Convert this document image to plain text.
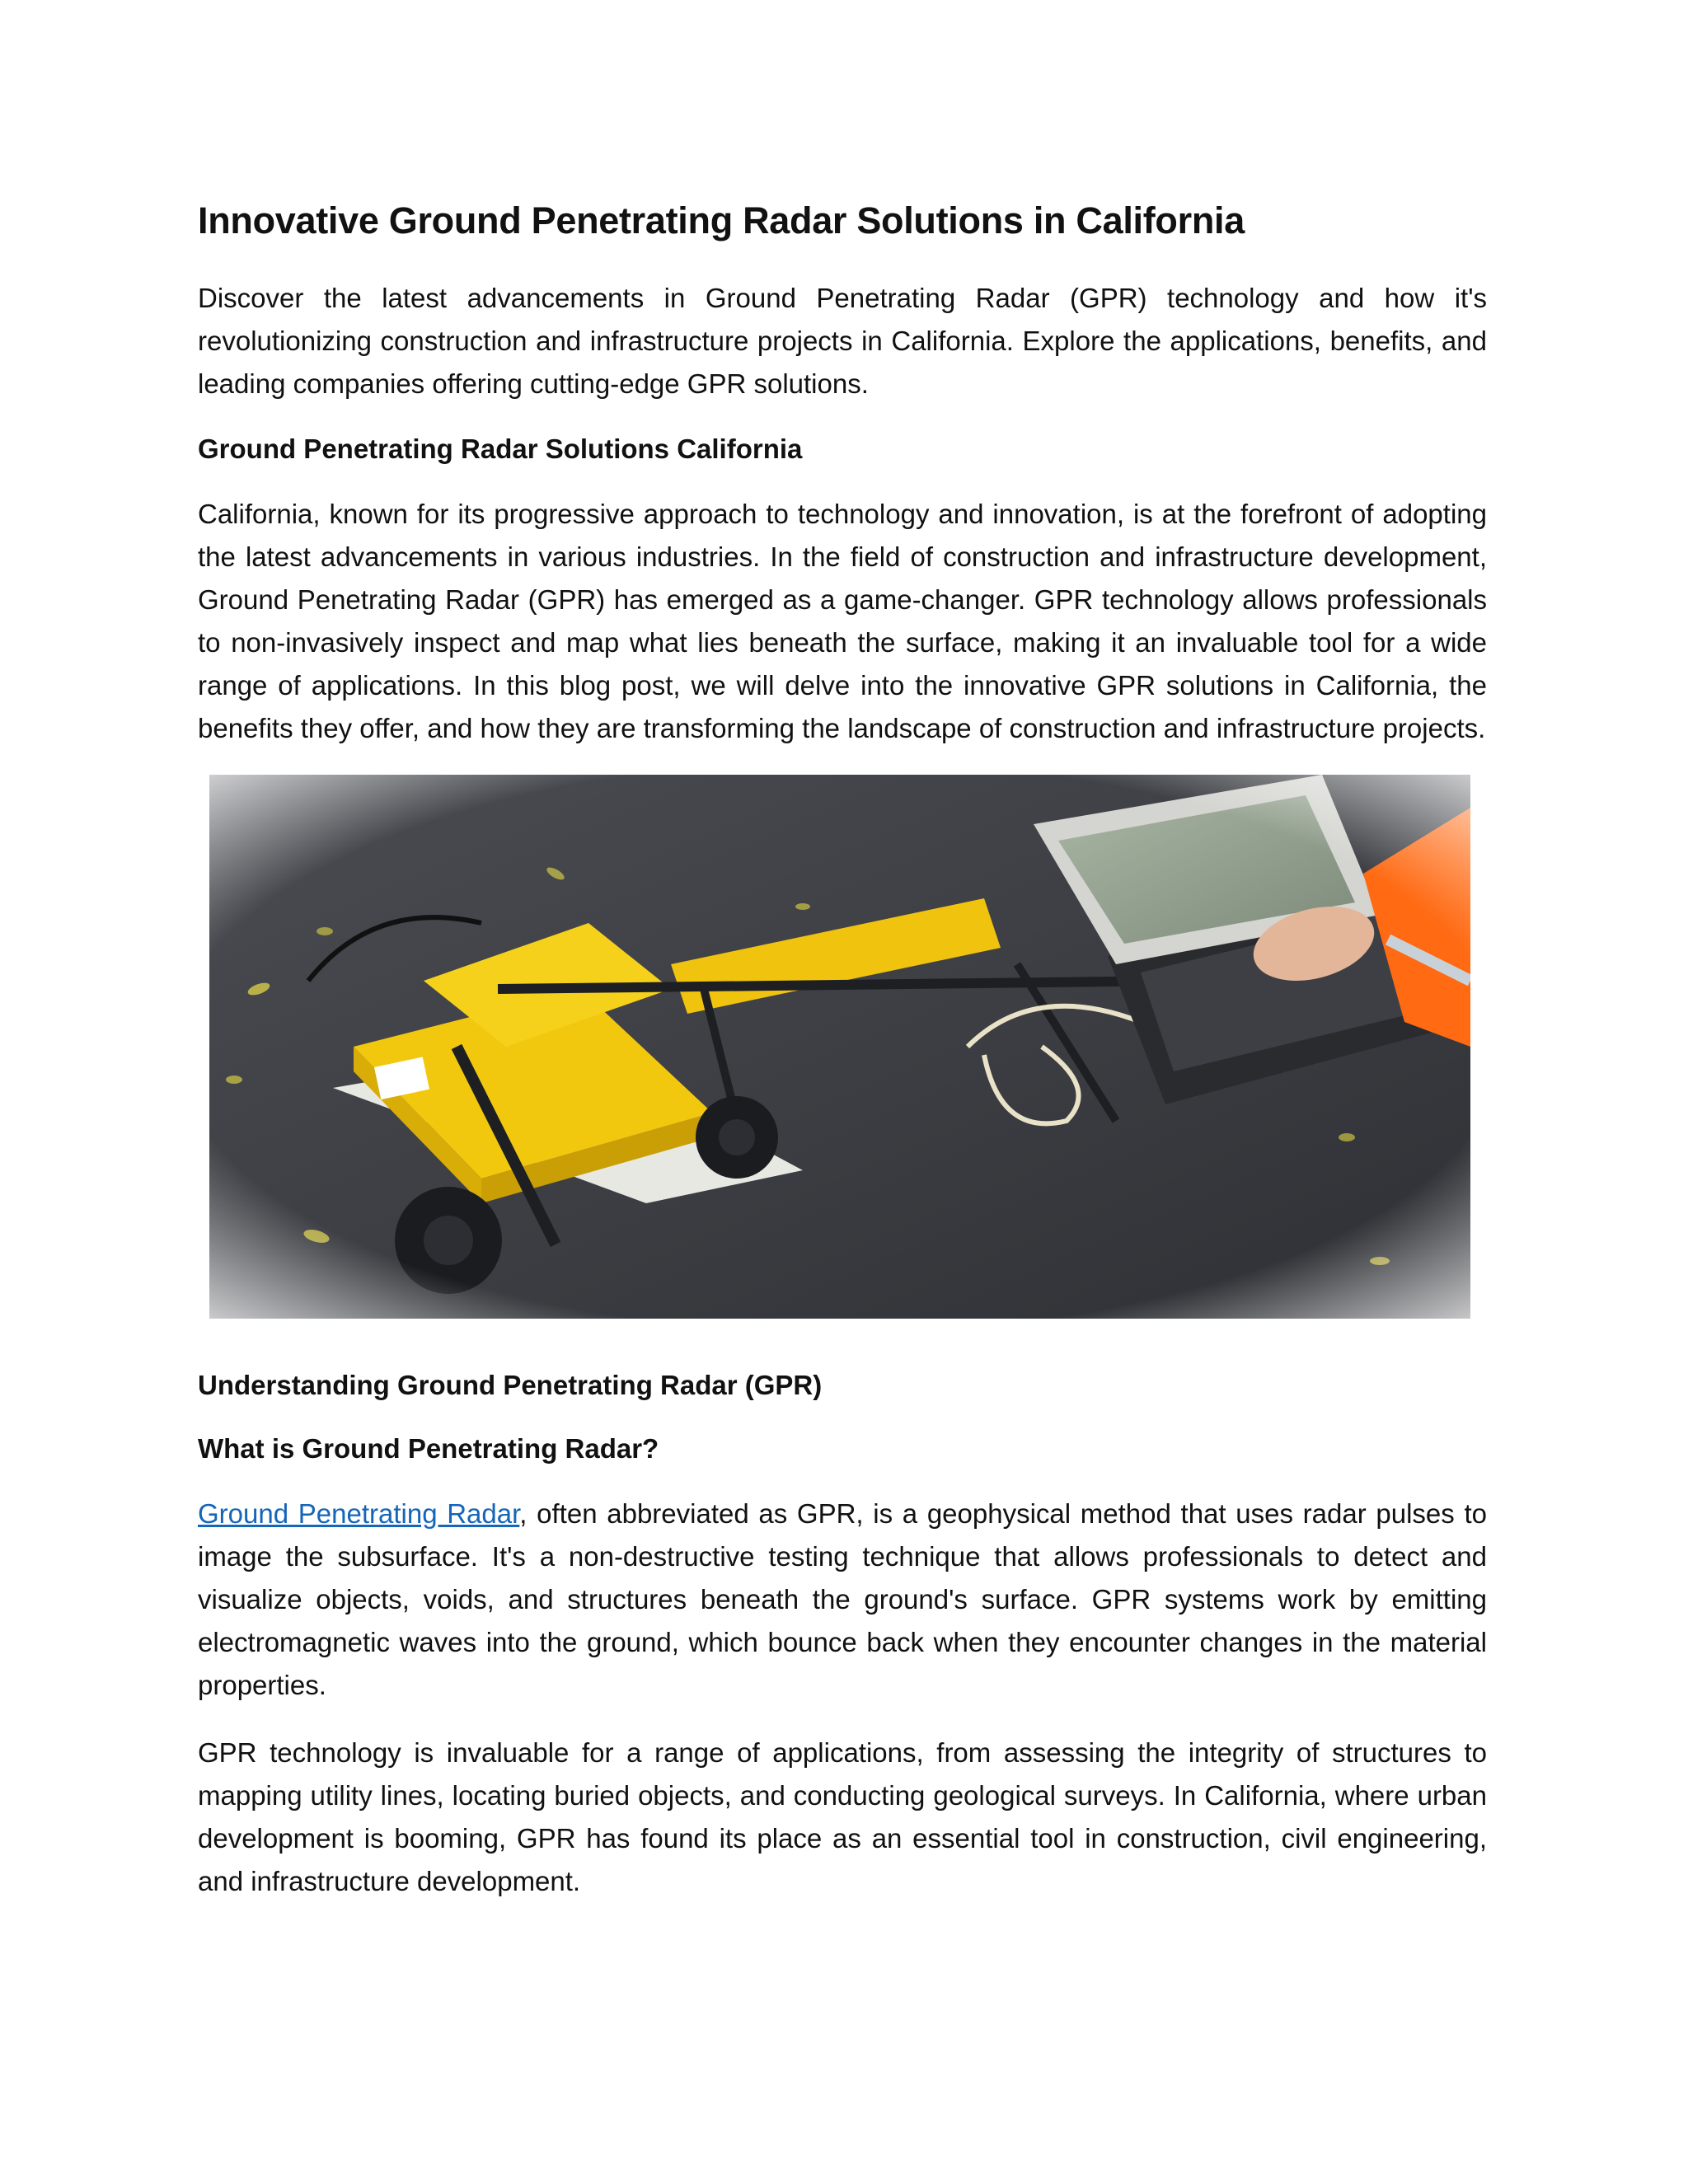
Innovative Ground Penetrating Radar Solutions in California

Discover the latest advancements in Ground Penetrating Radar (GPR) technology and how it's revolutionizing construction and infrastructure projects in California. Explore the applications, benefits, and leading companies offering cutting-edge GPR solutions.

Ground Penetrating Radar Solutions California

California, known for its progressive approach to technology and innovation, is at the forefront of adopting the latest advancements in various industries. In the field of construction and infrastructure development, Ground Penetrating Radar (GPR) has emerged as a game-changer. GPR technology allows professionals to non-invasively inspect and map what lies beneath the surface, making it an invaluable tool for a wide range of applications. In this blog post, we will delve into the innovative GPR solutions in California, the benefits they offer, and how they are transforming the landscape of construction and infrastructure projects.

Understanding Ground Penetrating Radar (GPR)
What is Ground Penetrating Radar?

Ground Penetrating Radar, often abbreviated as GPR, is a geophysical method that uses radar pulses to image the subsurface. It's a non-destructive testing technique that allows professionals to detect and visualize objects, voids, and structures beneath the ground's surface. GPR systems work by emitting electromagnetic waves into the ground, which bounce back when they encounter changes in the material properties.

GPR technology is invaluable for a range of applications, from assessing the integrity of structures to mapping utility lines, locating buried objects, and conducting geological surveys. In California, where urban development is booming, GPR has found its place as an essential tool in construction, civil engineering, and infrastructure development.
